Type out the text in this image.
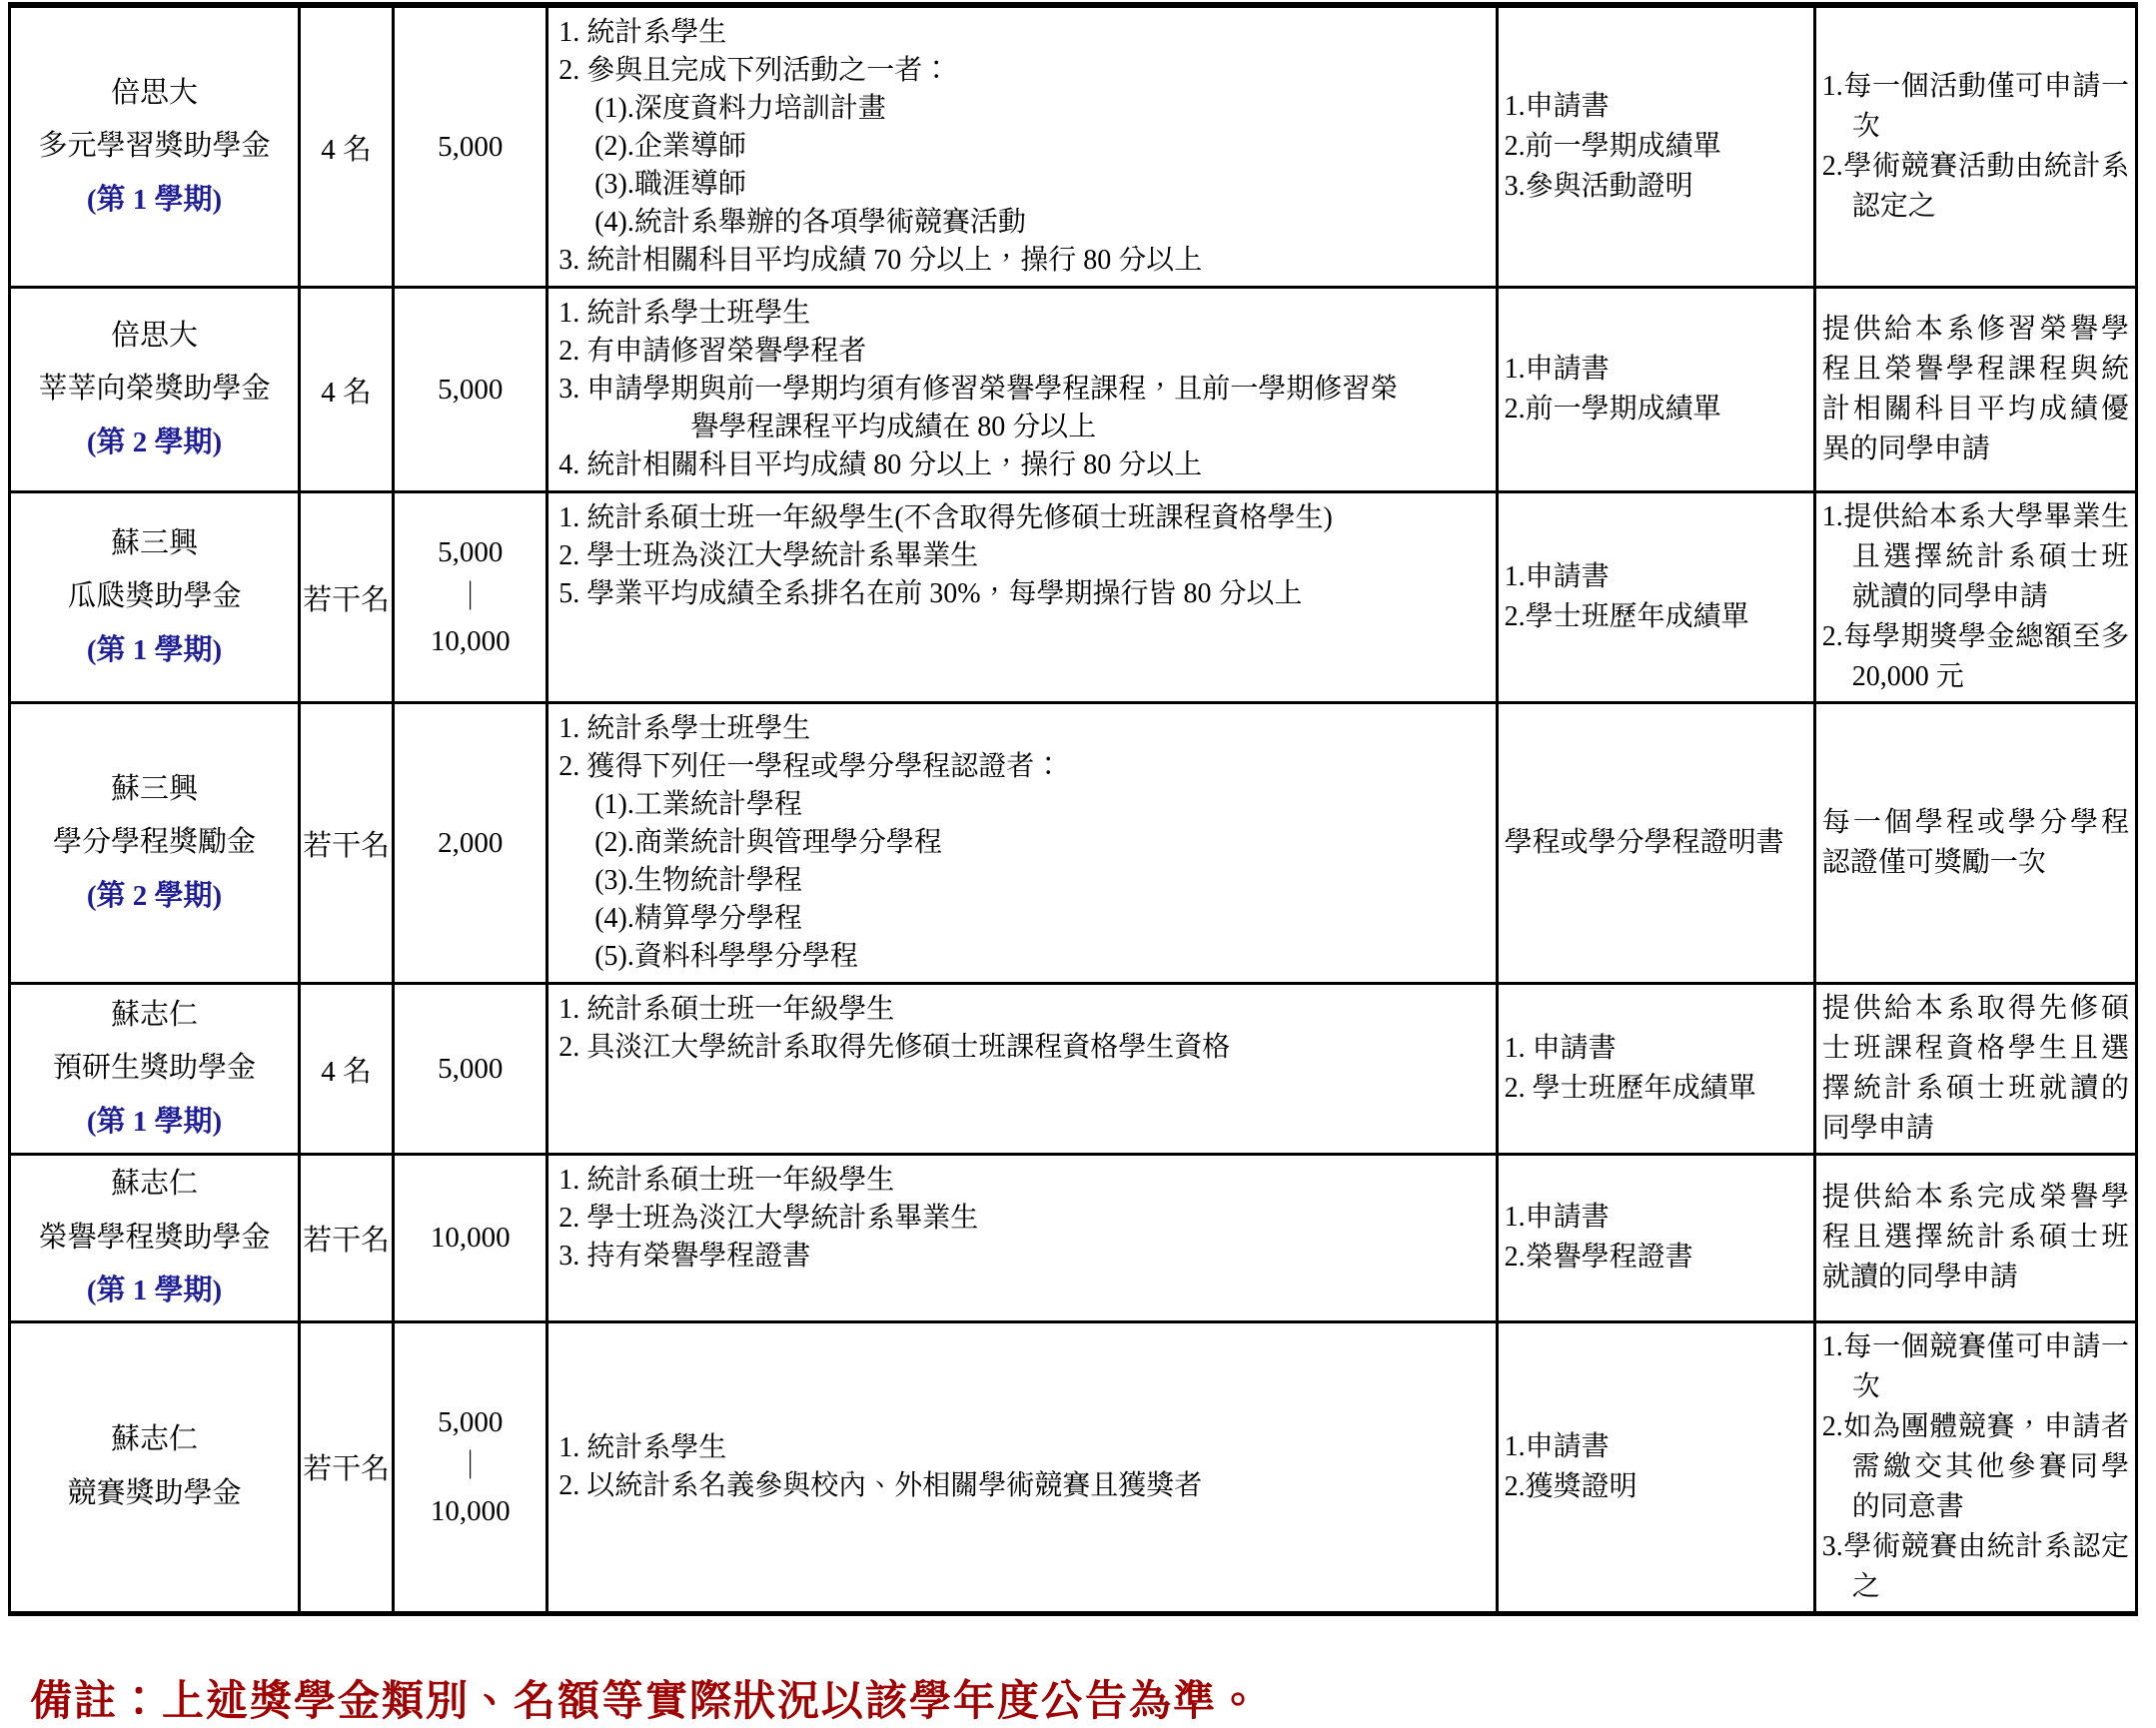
倍思大
多元學習獎助學金
(第 1 學期)

4 名	5,000

1. 統計系學生
2. 參與且完成下列活動之一者：
(1).深度資料力培訓計畫
(2).企業導師
(3).職涯導師
(4).統計系舉辦的各項學術競賽活動
3. 統計相關科目平均成績 70 分以上，操行 80 分以上

1.申請書
2.前一學期成績單
3.參與活動證明

1.每一個活動僅可申請一次
2.學術競賽活動由統計系認定之

倍思大
莘莘向榮獎助學金
(第 2 學期)

4 名	5,000

1. 統計系學士班學生
2. 有申請修習榮譽學程者
3. 申請學期與前一學期均須有修習榮譽學程課程，且前一學期修習榮
譽學程課程平均成績在 80 分以上
4. 統計相關科目平均成績 80 分以上，操行 80 分以上

1.申請書
2.前一學期成績單

提供給本系修習榮譽學程且榮譽學程課程與統計相關科目平均成績優異的同學申請

蘇三興
瓜瓞獎助學金
(第 1 學期)

若干名

5,000
｜
10,000

1. 統計系碩士班一年級學生(不含取得先修碩士班課程資格學生)
2. 學士班為淡江大學統計系畢業生
5. 學業平均成績全系排名在前 30%，每學期操行皆 80 分以上

1.申請書
2.學士班歷年成績單

1.提供給本系大學畢業生且選擇統計系碩士班就讀的同學申請
2.每學期獎學金總額至多 20,000 元

蘇三興
學分學程獎勵金
(第 2 學期)

若干名	2,000

1. 統計系學士班學生
2. 獲得下列任一學程或學分學程認證者：
(1).工業統計學程
(2).商業統計與管理學分學程
(3).生物統計學程
(4).精算學分學程
(5).資料科學學分學程

學程或學分學程證明書

每一個學程或學分學程認證僅可獎勵一次

蘇志仁
預研生獎助學金
(第 1 學期)

4 名	5,000

1. 統計系碩士班一年級學生
2. 具淡江大學統計系取得先修碩士班課程資格學生資格	1. 申請書
2. 學士班歷年成績單

提供給本系取得先修碩士班課程資格學生且選擇統計系碩士班就讀的同學申請

蘇志仁
榮譽學程獎助學金
(第 1 學期)

若干名	10,000

1. 統計系碩士班一年級學生
2. 學士班為淡江大學統計系畢業生
3. 持有榮譽學程證書

1.申請書
2.榮譽學程證書

提供給本系完成榮譽學程且選擇統計系碩士班就讀的同學申請

蘇志仁
競賽獎助學金

若干名

5,000
｜
10,000

1. 統計系學生
2. 以統計系名義參與校內、外相關學術競賽且獲獎者

1.申請書
2.獲獎證明

1.每一個競賽僅可申請一次
2.如為團體競賽，申請者需繳交其他參賽同學的同意書
3.學術競賽由統計系認定之
備註：上述獎學金類別、名額等實際狀況以該學年度公告為準。
